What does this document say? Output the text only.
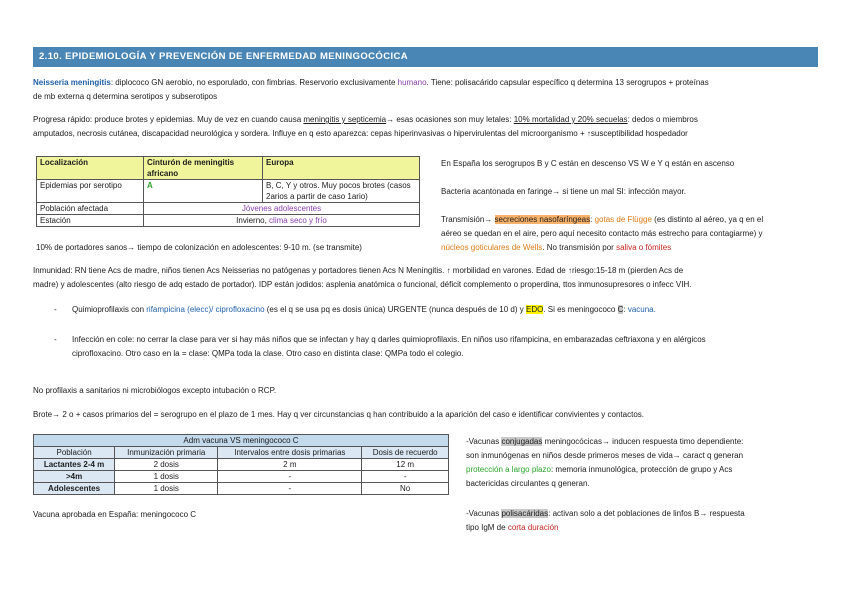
2.10. EPIDEMIOLOGÍA Y PREVENCIÓN DE ENFERMEDAD MENINGOCÓCICA
Neisseria meningitis: diplococo GN aerobio, no esporulado, con fimbrias. Reservorio exclusivamente humano. Tiene: polisacárido capsular específico q determina 13 serogrupos + proteínas
de mb externa q determina serotipos y subserotipos
Progresa rápido: produce brotes y epidemias. Muy de vez en cuando causa meningitis y septicemia→ esas ocasiones son muy letales: 10% mortalidad y 20% secuelas: dedos o miembros
amputados, necrosis cutánea, discapacidad neurológica y sordera. Influye en q esto aparezca: cepas hiperinvasivas o hipervirulentas del microorganismo + ↑susceptibilidad hospedador
Localización	Cinturón de meningitis africano	Europa
Epidemias por serotipo	A	B, C, Y y otros. Muy pocos brotes (casos 2arios a partir de caso 1ario)
Población afectada	Jóvenes adolescentes	
Estación	Invierno, clima seco y frío	
10% de portadores sanos→ tiempo de colonización en adolescentes: 9-10 m. (se transmite)
En España los serogrupos B y C están en descenso VS W e Y q están en ascenso
Bacteria acantonada en faringe→ si tiene un mal SI: infección mayor.
Transmisión→ secreciones nasofaríngeas: gotas de Flügge (es distinto al aéreo, ya q en el
aéreo se quedan en el aire, pero aquí necesito contacto más estrecho para contagiarme) y
núcleos goticulares de Wells. No transmisión por saliva o fómites
Inmunidad: RN tiene Acs de madre, niños tienen Acs Neisserias no patógenas y portadores tienen Acs N Meningitis. ↑ morbilidad en varones. Edad de ↑riesgo:15-18 m (pierden Acs de
madre) y adolescentes (alto riesgo de adq estado de portador). IDP están jodidos: asplenia anatómica o funcional, déficit complemento o properdina, ttos inmunosupresores o infecc VIH.
- Quimioprofilaxis con rifampicina (elecc)/ ciprofloxacino (es el q se usa pq es dosis única) URGENTE (nunca después de 10 d) y EDO. Si es meningococo C: vacuna.
- Infección en cole: no cerrar la clase para ver si hay más niños que se infectan y hay q darles quimioprofilaxis. En niños uso rifampicina, en embarazadas ceftriaxona y en alérgicos
ciprofloxacino. Otro caso en la = clase: QMPa toda la clase. Otro caso en distinta clase: QMPa todo el colegio.
No profilaxis a sanitarios ni microbiólogos excepto intubación o RCP.
Brote→ 2 o + casos primarios del = serogrupo en el plazo de 1 mes. Hay q ver circunstancias q han contribuido a la aparición del caso e identificar convivientes y contactos.
Adm vacuna VS meningococo C			
Población	Inmunización primaria	Intervalos entre dosis primarias	Dosis de recuerdo
Lactantes 2-4 m	2 dosis	2 m	12 m
>4m	1 dosis	-	-
Adolescentes	1 dosis	-	No
Vacuna aprobada en España: meningococo C
-Vacunas conjugadas meningocócicas→ inducen respuesta timo dependiente:
son inmunógenas en niños desde primeros meses de vida→ caract q generan
protección a largo plazo: memoria inmunológica, protección de grupo y Acs
bactericidas circulantes q generan.
-Vacunas polisacáridas: activan solo a det poblaciones de linfos B→ respuesta
tipo IgM de corta duración
